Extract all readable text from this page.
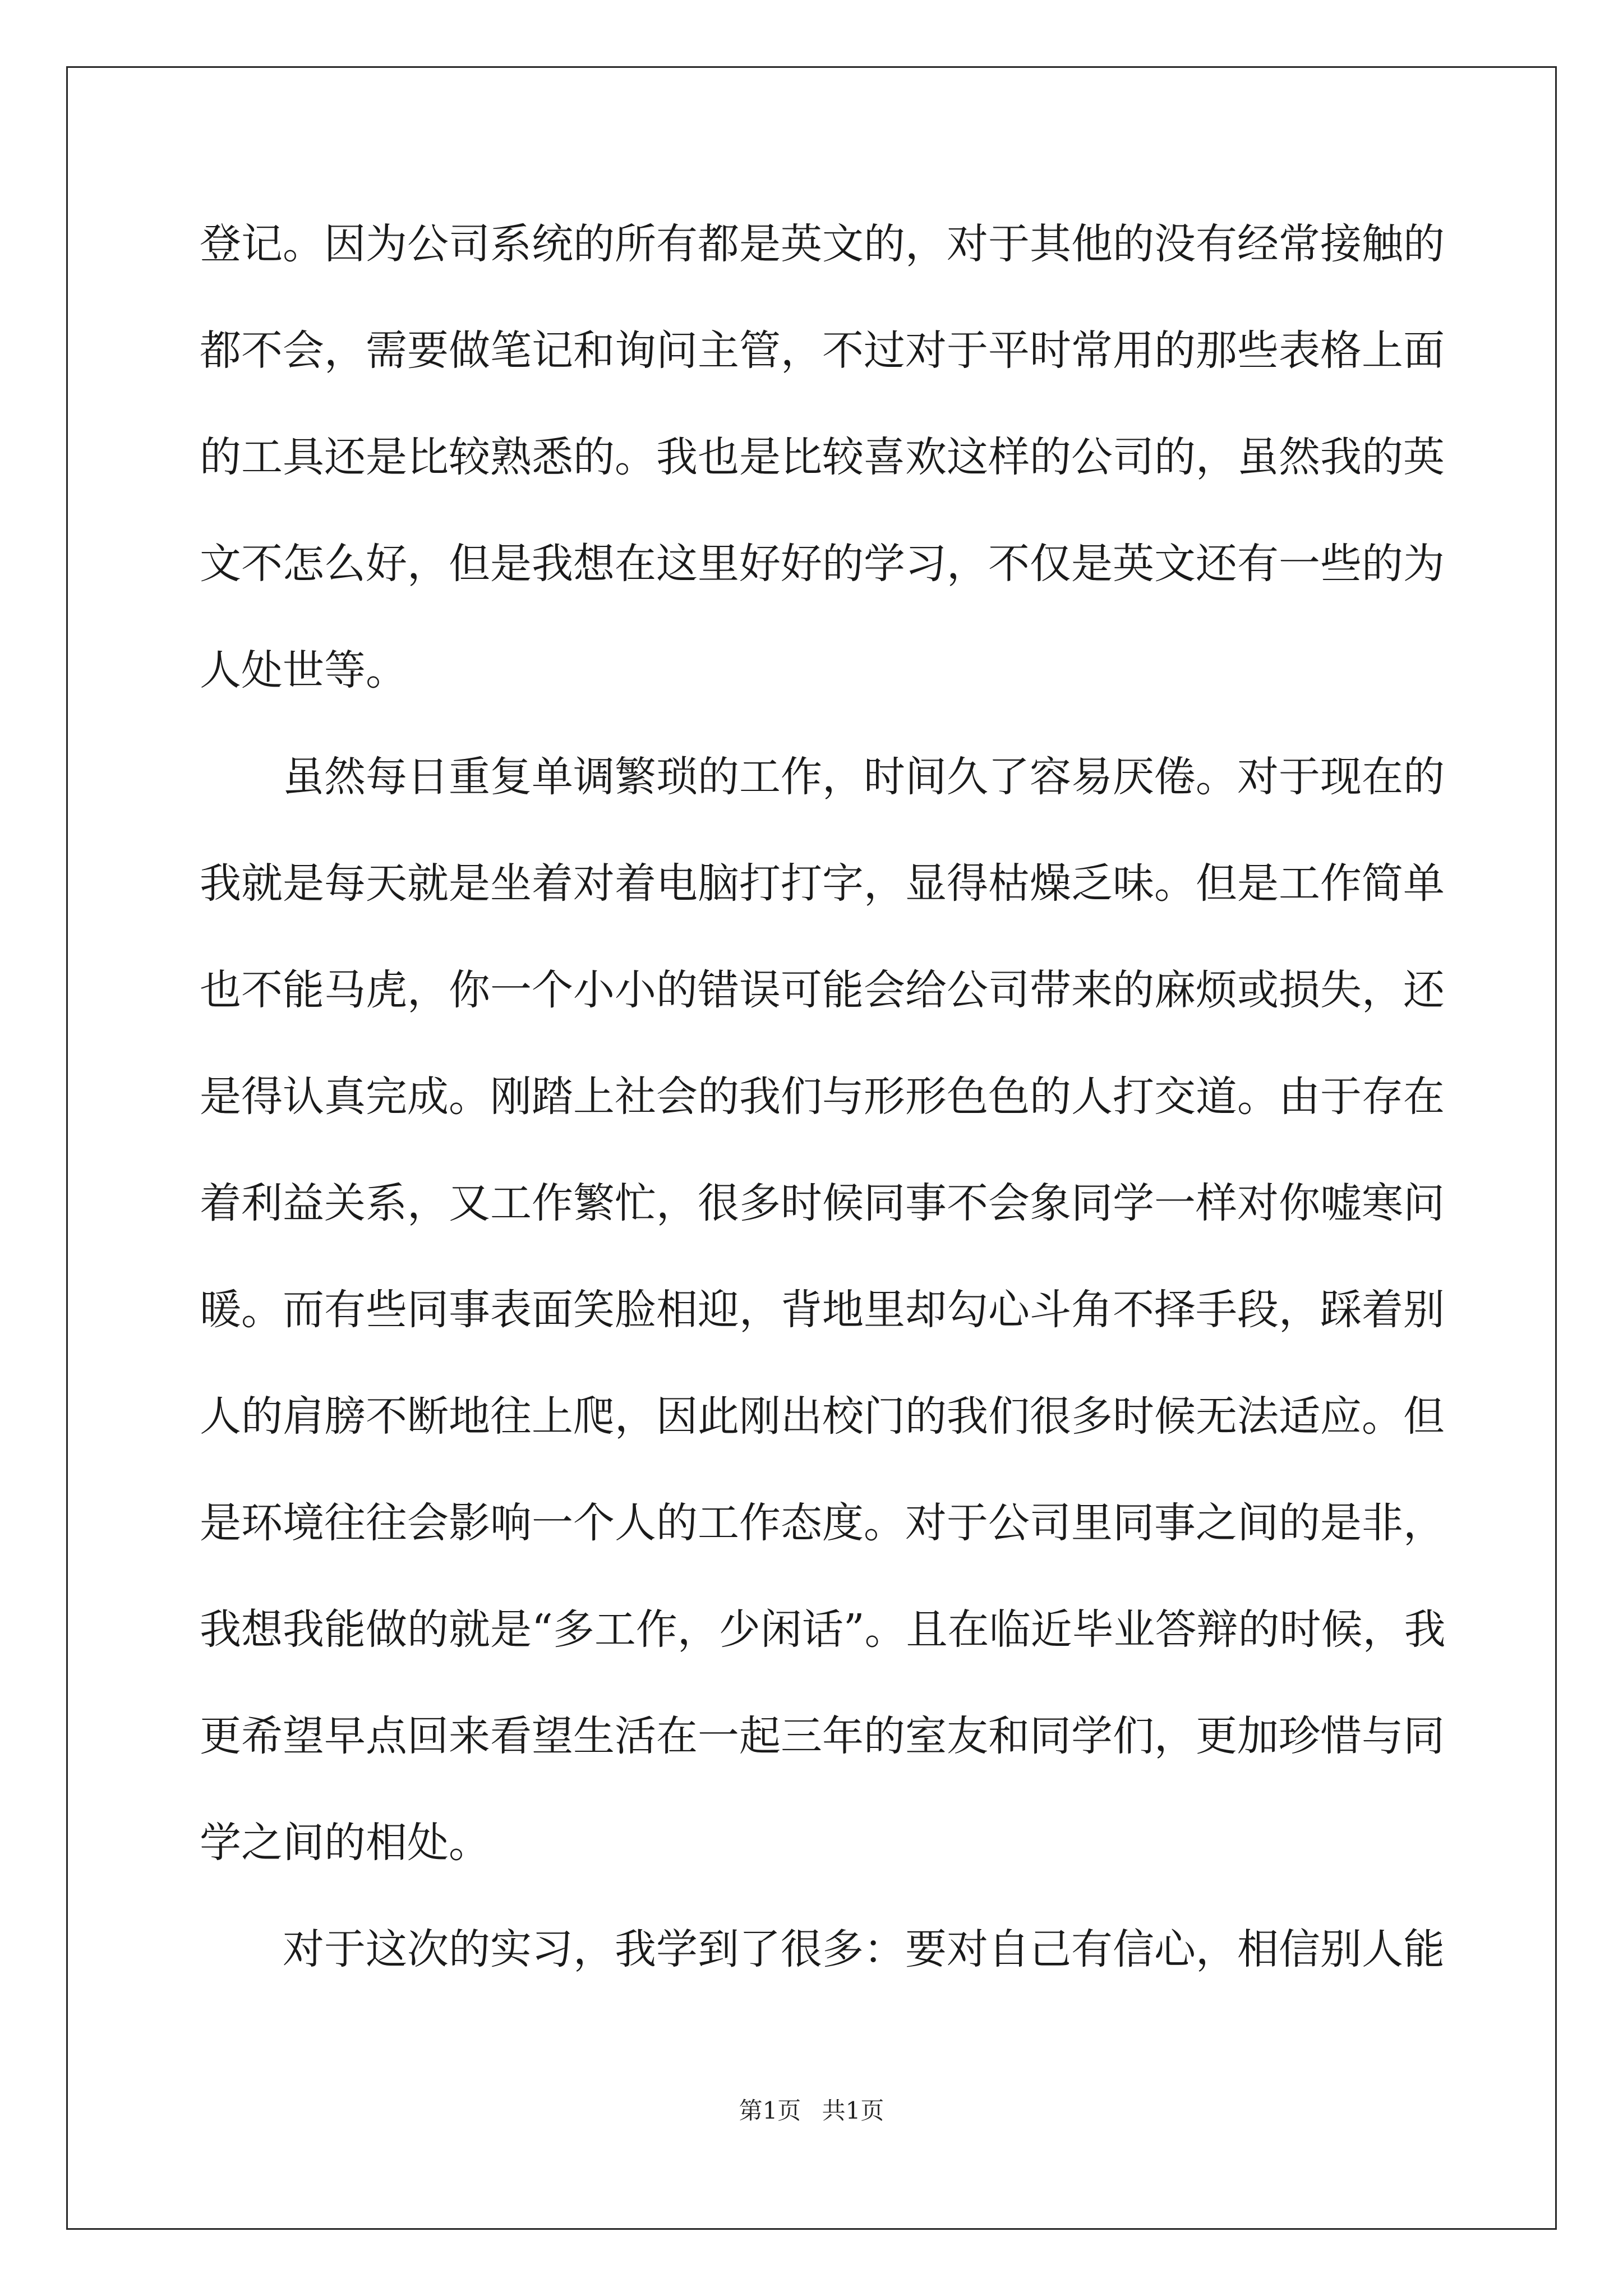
登记。因为公司系统的所有都是英文的，对于其他的没有经常接触的
都不会，需要做笔记和询问主管，不过对于平时常用的那些表格上面
的工具还是比较熟悉的。我也是比较喜欢这样的公司的，虽然我的英
文不怎么好，但是我想在这里好好的学习，不仅是英文还有一些的为
人处世等。
虽然每日重复单调繁琐的工作，时间久了容易厌倦。对于现在的
我就是每天就是坐着对着电脑打打字，显得枯燥乏味。但是工作简单
也不能马虎，你一个小小的错误可能会给公司带来的麻烦或损失，还
是得认真完成。刚踏上社会的我们与形形色色的人打交道。由于存在
着利益关系，又工作繁忙，很多时候同事不会象同学一样对你嘘寒问
暖。而有些同事表面笑脸相迎，背地里却勾心斗角不择手段，踩着别
人的肩膀不断地往上爬，因此刚出校门的我们很多时候无法适应。但
是环境往往会影响一个人的工作态度。对于公司里同事之间的是非，
我想我能做的就是“多工作，少闲话”。且在临近毕业答辩的时候，我
更希望早点回来看望生活在一起三年的室友和同学们，更加珍惜与同
学之间的相处。
对于这次的实习，我学到了很多：要对自己有信心，相信别人能
第1页 共1页
